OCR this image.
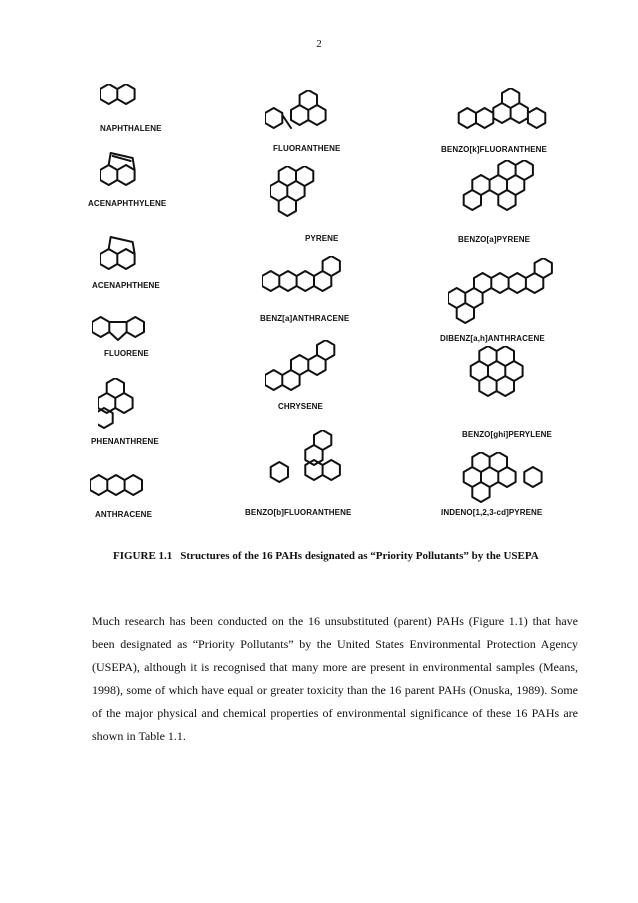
2
NAPHTHALENE
ACENAPHTHYLENE
ACENAPHTHENE
FLUORENE
PHENANTHRENE
ANTHRACENE
FLUORANTHENE
PYRENE
BENZ[a]ANTHRACENE
CHRYSENE
BENZO[b]FLUORANTHENE
BENZO[k]FLUORANTHENE
BENZO[a]PYRENE
DIBENZ[a,h]ANTHRACENE
BENZO[ghi]PERYLENE
INDENO[1,2,3-cd]PYRENE
FIGURE 1.1 Structures of the 16 PAHs designated as “Priority Pollutants” by the USEPA
Much research has been conducted on the 16 unsubstituted (parent) PAHs (Figure 1.1) that have been designated as “Priority Pollutants” by the United States Environmental Protection Agency (USEPA), although it is recognised that many more are present in environmental samples (Means, 1998), some of which have equal or greater toxicity than the 16 parent PAHs (Onuska, 1989). Some of the major physical and chemical properties of environmental significance of these 16 PAHs are shown in Table 1.1.
